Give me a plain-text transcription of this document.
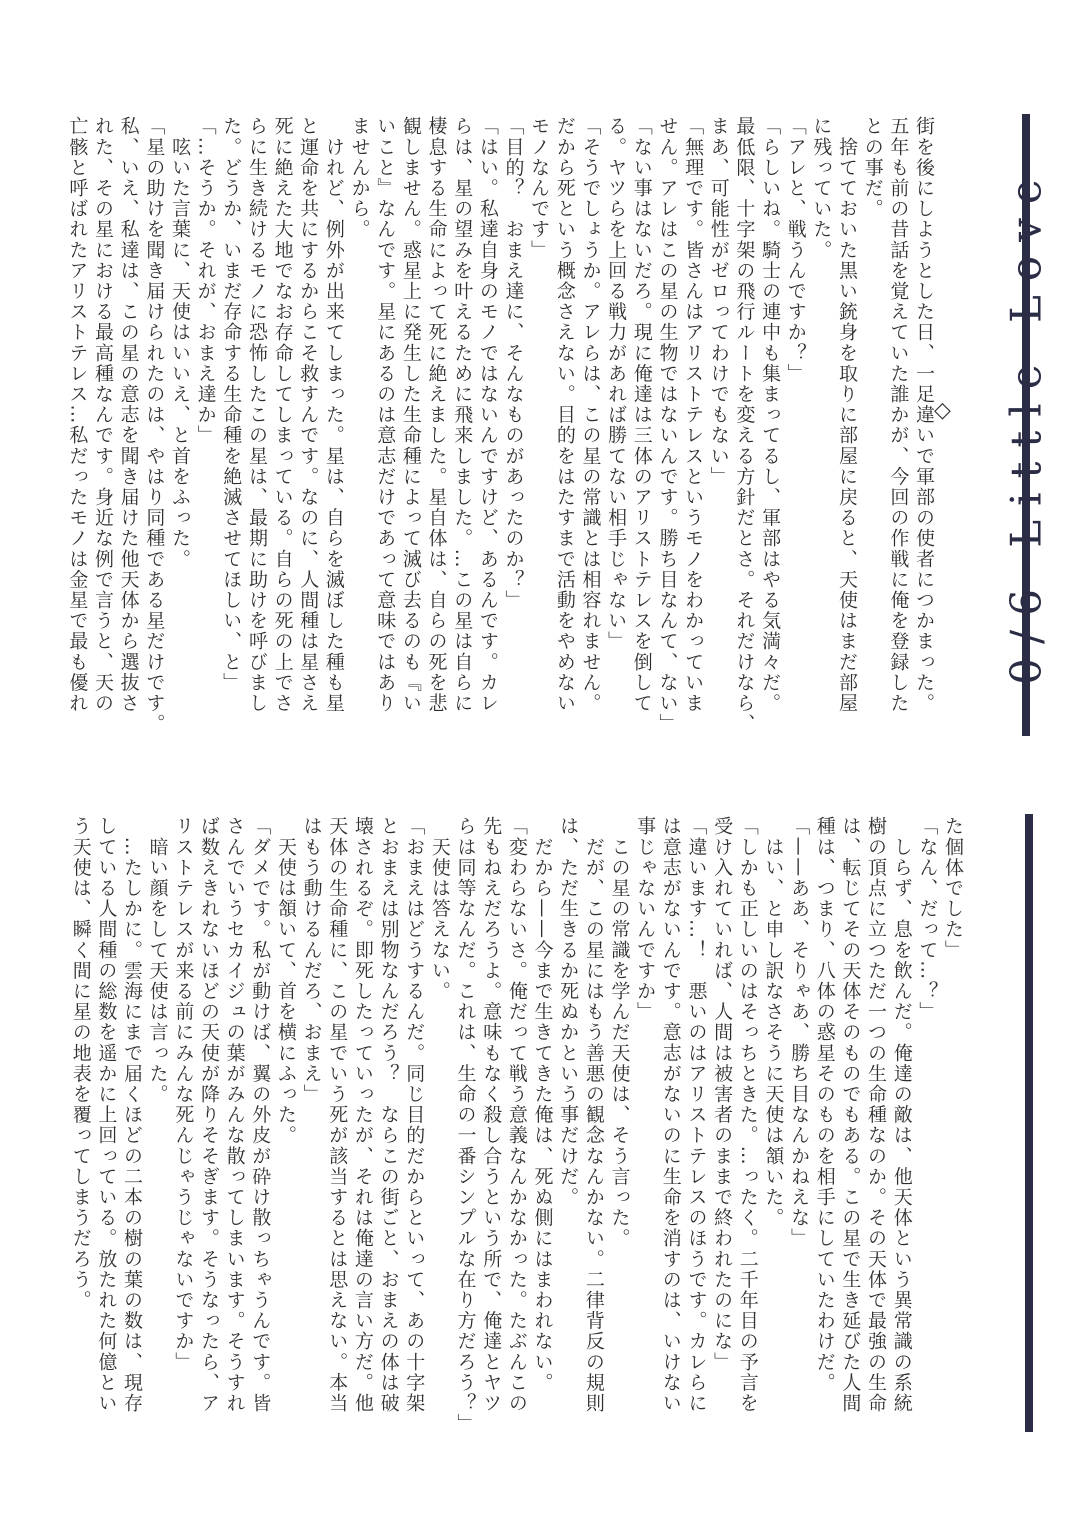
0/6 Little Love
◇

街を後にしようとした日、一足違いで軍部の使者につかまった。

五年も前の昔話を覚えていた誰かが、今回の作戦に俺を登録した

との事だ。

　捨てておいた黒い銃身を取りに部屋に戻ると、天使はまだ部屋

に残っていた。

「アレと、戦うんですか？」

「らしいね。騎士の連中も集まってるし、軍部はやる気満々だ。

最低限、十字架の飛行ルートを変える方針だとさ。それだけなら、

まあ、可能性がゼロってわけでもない」

「無理です。皆さんはアリストテレスというモノをわかっていま

せん。アレはこの星の生物ではないんです。勝ち目なんて、ない」

「ない事はないだろ。現に俺達は三体のアリストテレスを倒して

る。ヤツらを上回る戦力があれば勝てない相手じゃない」

「そうでしょうか。アレらは、この星の常識とは相容れません。

だから死という概念さえない。目的をはたすまで活動をやめない

モノなんです」

「目的？　おまえ達に、そんなものがあったのか？」

「はい。私達自身のモノではないんですけど、あるんです。カレ

らは、星の望みを叶えるために飛来しました。…この星は自らに

棲息する生命によって死に絶えました。星自体は、自らの死を悲

観しません。惑星上に発生した生命種によって滅び去るのも『い

いこと』なんです。星にあるのは意志だけであって意味ではあり

ませんから。

　けれど、例外が出来てしまった。星は、自らを滅ぼした種も星

と運命を共にするからこそ救すんです。なのに、人間種は星さえ

死に絶えた大地でなお存命してしまっている。自らの死の上でさ

らに生き続けるモノに恐怖したこの星は、最期に助けを呼びまし

た。どうか、いまだ存命する生命種を絶滅させてほしい、と」

「…そうか。それが、おまえ達か」

　呟いた言葉に、天使はいいえ、と首をふった。

「星の助けを聞き届けられたのは、やはり同種である星だけです。

私、いえ、私達は、この星の意志を聞き届けた他天体から選抜さ

れた、その星における最高種なんです。身近な例で言うと、天の

亡骸と呼ばれたアリストテレス…私だったモノは金星で最も優れ

た個体でした」

「なん、だって…？」

　しらず、息を飲んだ。俺達の敵は、他天体という異常識の系統

樹の頂点に立つただ一つの生命種なのか。その天体で最強の生命

は、転じてその天体そのものでもある。この星で生き延びた人間

種は、つまり、八体の惑星そのものを相手にしていたわけだ。

「——ああ、そりゃあ、勝ち目なんかねえな」

　はい、と申し訳なさそうに天使は頷いた。

「しかも正しいのはそっちときた。…ったく。二千年目の予言を

受け入れていれば、人間は被害者のままで終われたのにな」

「違います…！　悪いのはアリストテレスのほうです。カレらに

は意志がないんです。意志がないのに生命を消すのは、いけない

事じゃないんですか」

　この星の常識を学んだ天使は、そう言った。

　だが、この星にはもう善悪の観念なんかない。二律背反の規則

は、ただ生きるか死ぬかという事だけだ。

　だから——今まで生きてきた俺は、死ぬ側にはまわれない。

「変わらないさ。俺だって戦う意義なんかなかった。たぶんこの

先もねえだろうよ。意味もなく殺し合うという所で、俺達とヤツ

らは同等なんだ。これは、生命の一番シンプルな在り方だろう？」

　天使は答えない。

「おまえはどうするんだ。同じ目的だからといって、あの十字架

とおまえは別物なんだろう？　ならこの街ごと、おまえの体は破

壊されるぞ。即死したっていったが、それは俺達の言い方だ。他

天体の生命種に、この星でいう死が該当するとは思えない。本当

はもう動けるんだろ、おまえ」

　天使は頷いて、首を横にふった。

「ダメです。私が動けば、翼の外皮が砕け散っちゃうんです。皆

さんでいうセカイジュの葉がみんな散ってしまいます。そうすれ

ば数えきれないほどの天使が降りそそぎます。そうなったら、ア

リストテレスが来る前にみんな死んじゃうじゃないですか」

　暗い顔をして天使は言った。

　…たしかに。雲海にまで届くほどの二本の樹の葉の数は、現存

している人間種の総数を遥かに上回っている。放たれた何億とい

う天使は、瞬く間に星の地表を覆ってしまうだろう。
